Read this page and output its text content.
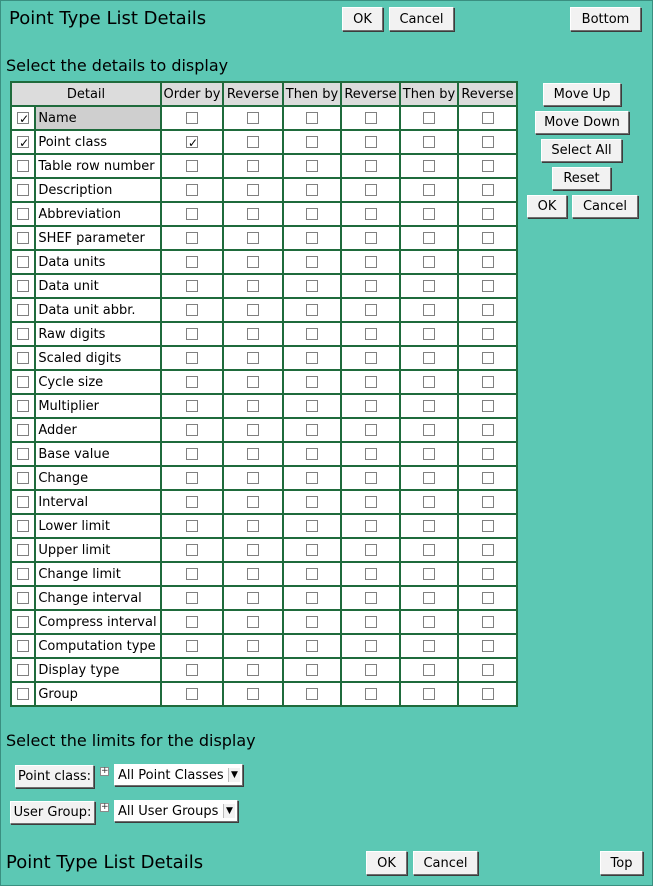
Point Type List Details	OK	Cancel	Bottom
Select the details to display
Detail		Order by	Reverse	Then by	Reverse	Then by	Reverse
✓	Name						
✓	Point class	✓					
	Table row number						
	Description						
	Abbreviation						
	SHEF parameter						
	Data units						
	Data unit						
	Data unit abbr.						
	Raw digits						
	Scaled digits						
	Cycle size						
	Multiplier						
	Adder						
	Base value						
	Change						
	Interval						
	Lower limit						
	Upper limit						
	Change limit						
	Change interval						
	Compress interval						
	Computation type						
	Display type						
	Group						
Move Up
Move Down
Select All
Reset
OK	Cancel
Select the limits for the display
Point class:	+ All Point Classes ▼
User Group:	+ All User Groups ▼
Point Type List Details	OK	Cancel	Top
